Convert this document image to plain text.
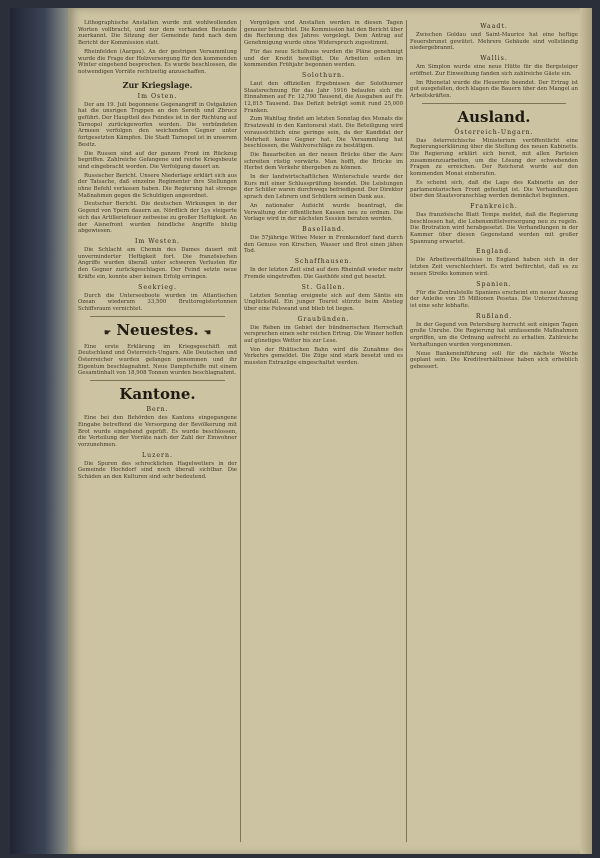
Lithographische Anstalten wurde mit wohlwollenden Worten vollbracht, und nur dem vorhanden Bestande zuerkannt. Die Sitzung der Gemeinde fand nach dem Bericht der Kommission statt.

Rheinfelden (Aargau). An der gestrigen Versammlung wurde die Frage der Holzversorgung für den kommenden Winter eingehend besprochen. Es wurde beschlossen, die notwendigen Vorräte rechtzeitig anzuschaffen.

Zur Kriegslage.
Im Osten.

Der am 19. Juli begonnene Gegenangriff in Ostgalizien hat die unsrigen Truppen an den Sereth und Zbrucz geführt. Der Hauptteil des Feindes ist in der Richtung auf Tarnopol zurückgeworfen worden. Die verbündeten Armeen verfolgen den weichenden Gegner unter fortgesetzten Kämpfen. Die Stadt Tarnopol ist in unserem Besitz.

Die Russen sind auf der ganzen Front im Rückzug begriffen. Zahlreiche Gefangene und reiche Kriegsbeute sind eingebracht worden. Die Verfolgung dauert an.

Russischer Bericht. Unsere Niederlage erklärt sich aus der Tatsache, daß einzelne Regimenter ihre Stellungen ohne Befehl verlassen haben. Die Regierung hat strenge Maßnahmen gegen die Schuldigen angeordnet.

Deutscher Bericht. Die deutschen Wirkungen in der Gegend von Ypern dauern an. Nördlich der Lys steigerte sich das Artilleriefeuer zeitweise zu großer Heftigkeit. An der Aisnefront wurden feindliche Angriffe blutig abgewiesen.

Im Westen.

Die Schlacht am Chemin des Dames dauert mit unverminderter Heftigkeit fort. Die französischen Angriffe wurden überall unter schweren Verlusten für den Gegner zurückgeschlagen. Der Feind setzte neue Kräfte ein, konnte aber keinen Erfolg erringen.

Seekrieg.

Durch die Unterseeboote wurden im Atlantischen Ozean wiederum 33,500 Bruttoregistertonnen Schiffsraum vernichtet.

☛ Neuestes. ☚

Eine erste Erklärung im Kriegsgeschäft mit Deutschland und Österreich-Ungarn. Alle Deutschen und Österreicher wurden gefangen genommen und ihr Eigentum beschlagnahmt. Neue Dampfschiffe mit einem Gesamtinhalt von 18,908 Tonnen wurden beschlagnahmt.

Kantone.
Bern.

Eine bei den Behörden des Kantons eingegangene Eingabe betreffend die Versorgung der Bevölkerung mit Brot wurde eingehend geprüft. Es wurde beschlossen, die Verteilung der Vorräte nach der Zahl der Einwohner vorzunehmen.

Luzern.

Die Spuren des schrecklichen Hagelwetters in der Gemeinde Hochdorf sind noch überall sichtbar. Die Schäden an den Kulturen sind sehr bedeutend.

Vergnügen und Anstalten werden in diesen Tagen genauer betrachtet. Die Kommission hat den Bericht über die Rechnung des Jahres vorgelegt. Dem Antrag auf Genehmigung wurde ohne Widerspruch zugestimmt.

Für das neue Schulhaus wurden die Pläne genehmigt und der Kredit bewilligt. Die Arbeiten sollen im kommenden Frühjahr begonnen werden.

Solothurn.

Laut den offiziellen Ergebnissen der Solothurner Staatsrechnung für das Jahr 1916 belaufen sich die Einnahmen auf Fr. 12,790 Tausend, die Ausgaben auf Fr. 12,815 Tausend. Das Defizit beträgt somit rund 25,000 Franken.

Zum Wahltag findet am letzten Sonntag des Monats die Ersatzwahl in den Kantonsrat statt. Die Beteiligung wird voraussichtlich eine geringe sein, da der Kandidat der Mehrheit keine Gegner hat. Die Versammlung hat beschlossen, die Wahlvorschläge zu bestätigen.

Die Bauarbeiten an der neuen Brücke über die Aare schreiten rüstig vorwärts. Man hofft, die Brücke im Herbst dem Verkehr übergeben zu können.

In der landwirtschaftlichen Winterschule wurde der Kurs mit einer Schlussprüfung beendet. Die Leistungen der Schüler waren durchwegs befriedigend. Der Direktor sprach den Lehrern und Schülern seinen Dank aus.

An nationaler Aufsicht wurde beantragt, die Verwaltung der öffentlichen Kassen neu zu ordnen. Die Vorlage wird in der nächsten Session beraten werden.

Baselland.

Die 57jährige Witwe Meier in Frenkendorf fand durch den Genuss von Kirschen, Wasser und Brot einen jähen Tod.

Schaffhausen.

In der letzten Zeit sind auf dem Rheinfall wieder mehr Fremde eingetroffen. Die Gasthöfe sind gut besetzt.

St. Gallen.

Letzten Sonntag ereignete sich auf dem Säntis ein Unglücksfall. Ein junger Tourist stürzte beim Abstieg über eine Felswand und blieb tot liegen.

Graubünden.

Die Reben im Gebiet der bündnerischen Herrschaft versprechen einen sehr reichen Ertrag. Die Winzer hoffen auf günstiges Wetter bis zur Lese.

Von der Rhätischen Bahn wird die Zunahme des Verkehrs gemeldet. Die Züge sind stark besetzt und es mussten Extrazüge eingeschaltet werden.

Waadt.

Zwischen Goldau und Saint-Maurice hat eine heftige Feuersbrunst gewütet. Mehrere Gebäude sind vollständig niedergebrannt.

Wallis.

Am Simplon wurde eine neue Hütte für die Bergsteiger eröffnet. Zur Einweihung fanden sich zahlreiche Gäste ein.

Im Rhonetal wurde die Heuernte beendet. Der Ertrag ist gut ausgefallen, doch klagen die Bauern über den Mangel an Arbeitskräften.

Ausland.
Österreich-Ungarn.

Das österreichische Ministerium veröffentlicht eine Regierungserklärung über die Stellung des neuen Kabinetts. Die Regierung erklärt sich bereit, mit allen Parteien zusammenzuarbeiten, um die Lösung der schwebenden Fragen zu erreichen. Der Reichsrat wurde auf den kommenden Monat einberufen.

Es scheint sich, daß die Lage des Kabinetts an der parlamentarischen Front gefestigt ist. Die Verhandlungen über den Staatsvoranschlag werden demnächst beginnen.

Frankreich.

Das französische Blatt Temps meldet, daß die Regierung beschlossen hat, die Lebensmittelversorgung neu zu regeln. Die Brotration wird herabgesetzt. Die Verhandlungen in der Kammer über diesen Gegenstand werden mit großer Spannung erwartet.

England.

Die Arbeitsverhältnisse in England haben sich in der letzten Zeit verschlechtert. Es wird befürchtet, daß es zu neuen Streiks kommen wird.

Spanien.

Für die Zentralstelle Spaniens erscheint ein neuer Auszug der Anleihe von 35 Millionen Pesetas. Die Unterzeichnung ist eine sehr lebhafte.

Rußland.

In der Gegend von Petersburg herrscht seit einigen Tagen große Unruhe. Die Regierung hat umfassende Maßnahmen ergriffen, um die Ordnung aufrecht zu erhalten. Zahlreiche Verhaftungen wurden vorgenommen.

Neue Bankeneinführung soll für die nächste Woche geplant sein. Die Kreditverhältnisse haben sich erheblich gebessert.
